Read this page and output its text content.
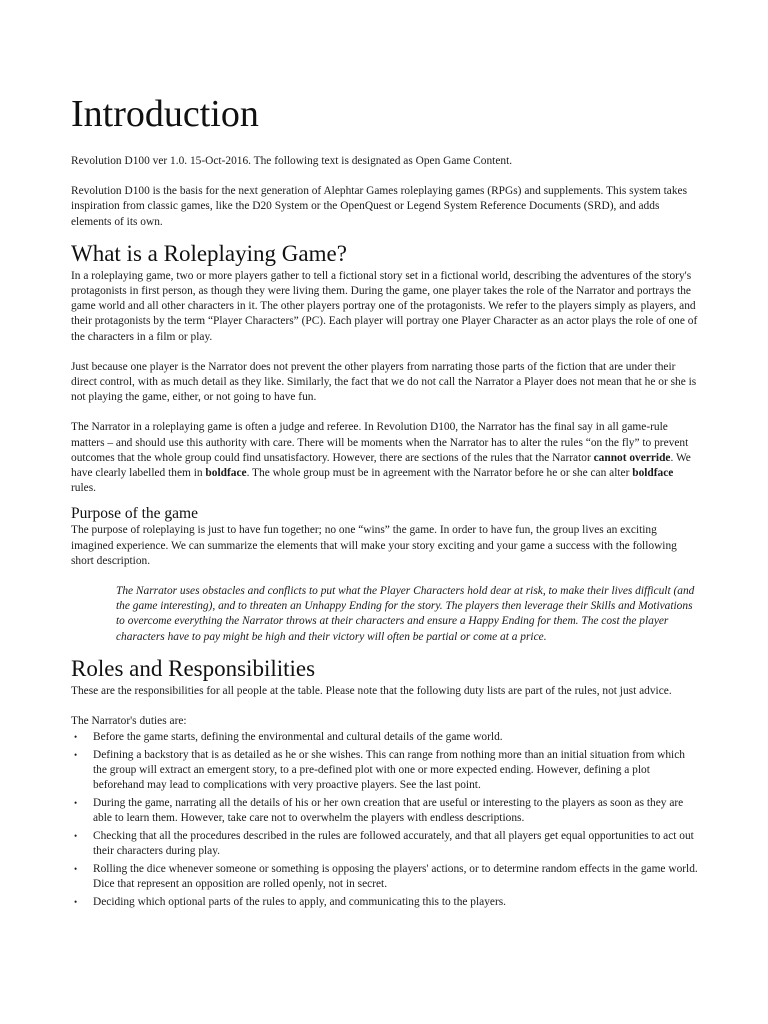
Introduction

Revolution D100 ver 1.0. 15-Oct-2016. The following text is designated as Open Game Content.

Revolution D100 is the basis for the next generation of Alephtar Games roleplaying games (RPGs) and supplements. This system takes inspiration from classic games, like the D20 System or the OpenQuest or Legend System Reference Documents (SRD), and adds elements of its own.

What is a Roleplaying Game?

In a roleplaying game, two or more players gather to tell a fictional story set in a fictional world, describing the adventures of the story's protagonists in first person, as though they were living them. During the game, one player takes the role of the Narrator and portrays the game world and all other characters in it. The other players portray one of the protagonists. We refer to the players simply as players, and their protagonists by the term “Player Characters” (PC). Each player will portray one Player Character as an actor plays the role of one of the characters in a film or play.

Just because one player is the Narrator does not prevent the other players from narrating those parts of the fiction that are under their direct control, with as much detail as they like. Similarly, the fact that we do not call the Narrator a Player does not mean that he or she is not playing the game, either, or not going to have fun.

The Narrator in a roleplaying game is often a judge and referee. In Revolution D100, the Narrator has the final say in all game-rule matters – and should use this authority with care. There will be moments when the Narrator has to alter the rules “on the fly” to prevent outcomes that the whole group could find unsatisfactory. However, there are sections of the rules that the Narrator cannot override. We have clearly labelled them in boldface. The whole group must be in agreement with the Narrator before he or she can alter boldface rules.

Purpose of the game

The purpose of roleplaying is just to have fun together; no one “wins” the game. In order to have fun, the group lives an exciting imagined experience. We can summarize the elements that will make your story exciting and your game a success with the following short description.

The Narrator uses obstacles and conflicts to put what the Player Characters hold dear at risk, to make their lives difficult (and the game interesting), and to threaten an Unhappy Ending for the story. The players then leverage their Skills and Motivations to overcome everything the Narrator throws at their characters and ensure a Happy Ending for them. The cost the player characters have to pay might be high and their victory will often be partial or come at a price.

Roles and Responsibilities

These are the responsibilities for all people at the table. Please note that the following duty lists are part of the rules, not just advice.

The Narrator's duties are:

• Before the game starts, defining the environmental and cultural details of the game world.
• Defining a backstory that is as detailed as he or she wishes. This can range from nothing more than an initial situation from which the group will extract an emergent story, to a pre-defined plot with one or more expected ending. However, defining a plot beforehand may lead to complications with very proactive players. See the last point.
• During the game, narrating all the details of his or her own creation that are useful or interesting to the players as soon as they are able to learn them. However, take care not to overwhelm the players with endless descriptions.
• Checking that all the procedures described in the rules are followed accurately, and that all players get equal opportunities to act out their characters during play.
• Rolling the dice whenever someone or something is opposing the players' actions, or to determine random effects in the game world. Dice that represent an opposition are rolled openly, not in secret.
• Deciding which optional parts of the rules to apply, and communicating this to the players.
